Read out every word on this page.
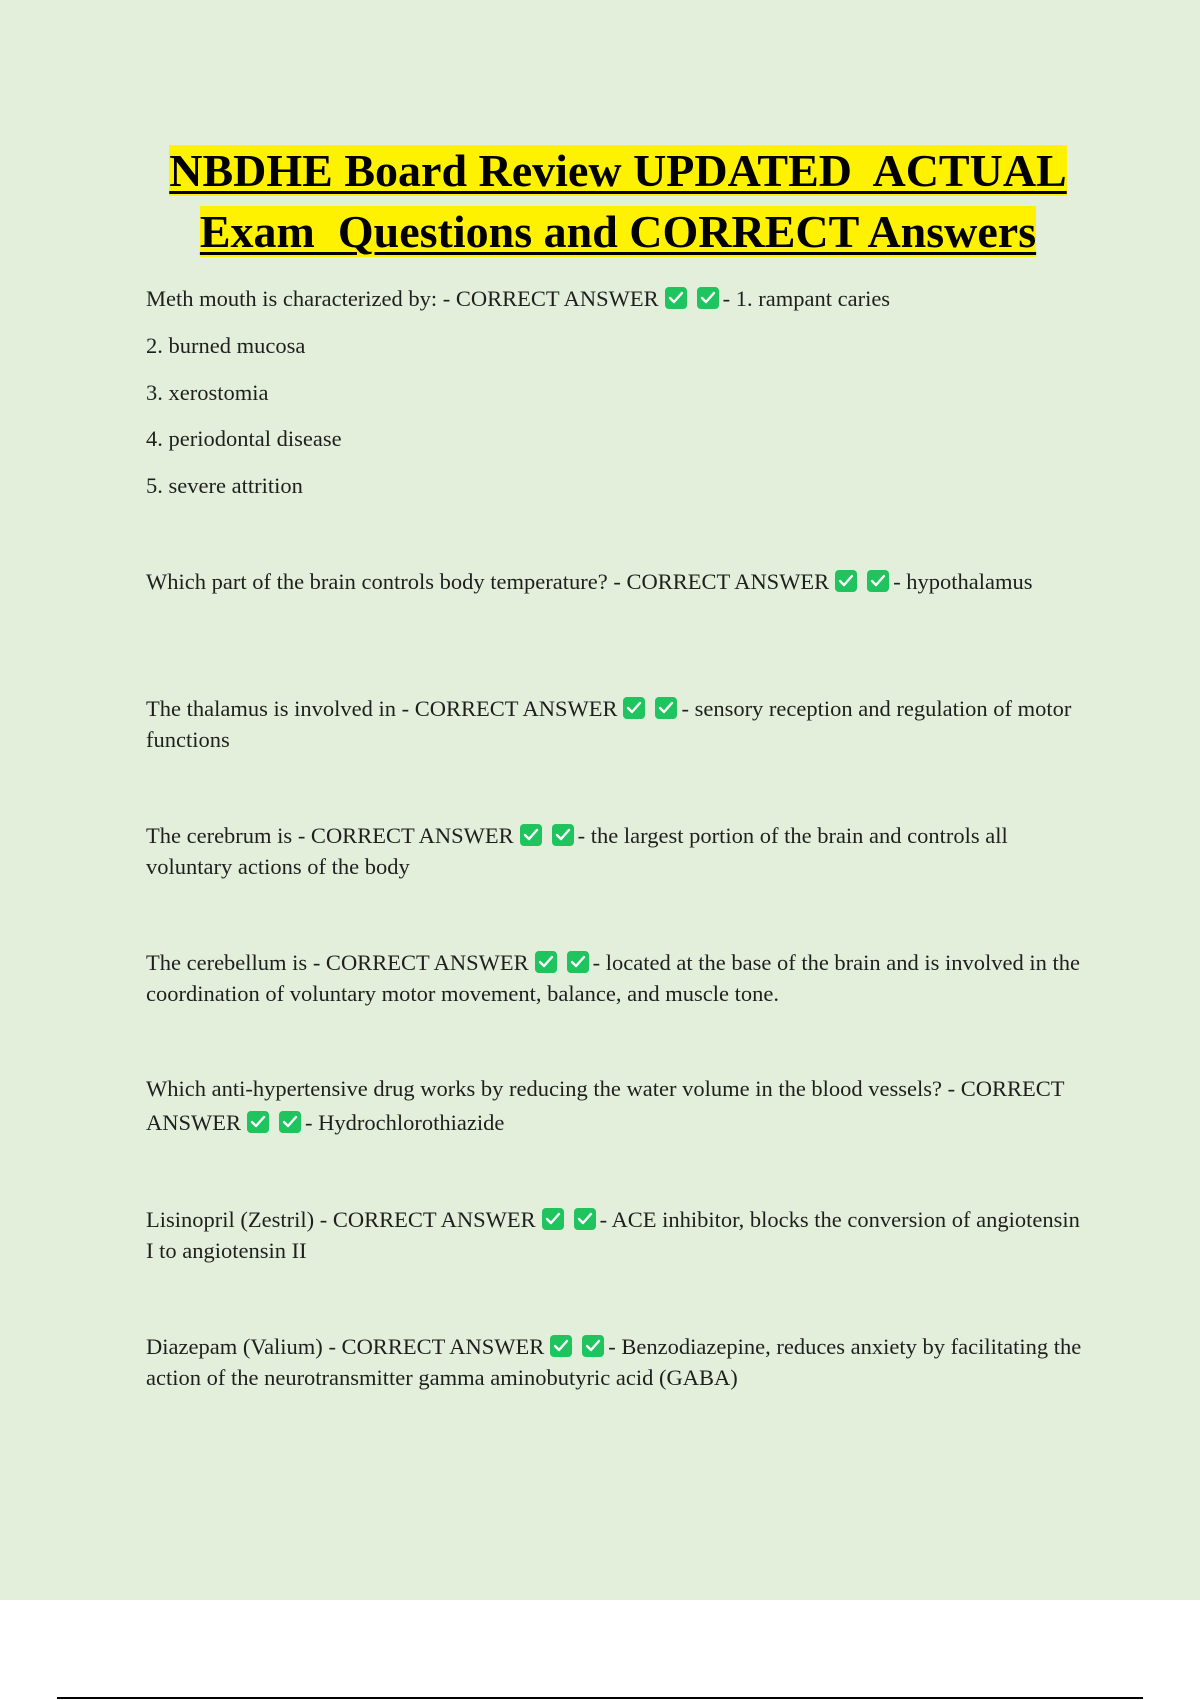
NBDHE Board Review UPDATED  ACTUAL
Exam  Questions and CORRECT Answers

Meth mouth is characterized by: - CORRECT ANSWER	- 1. rampant caries

2. burned mucosa

3. xerostomia

4. periodontal disease

5. severe attrition

Which part of the brain controls body temperature? - CORRECT ANSWER	- hypothalamus

The thalamus is involved in - CORRECT ANSWER	- sensory reception and regulation of motor functions

The cerebrum is - CORRECT ANSWER	- the largest portion of the brain and controls all voluntary actions of the body

The cerebellum is - CORRECT ANSWER	- located at the base of the brain and is involved in the coordination of voluntary motor movement, balance, and muscle tone.

Which anti-hypertensive drug works by reducing the water volume in the blood vessels? - CORRECT ANSWER	- Hydrochlorothiazide

Lisinopril (Zestril) - CORRECT ANSWER	- ACE inhibitor, blocks the conversion of angiotensin I to angiotensin II

Diazepam (Valium) - CORRECT ANSWER	- Benzodiazepine, reduces anxiety by facilitating the action of the neurotransmitter gamma aminobutyric acid (GABA)
